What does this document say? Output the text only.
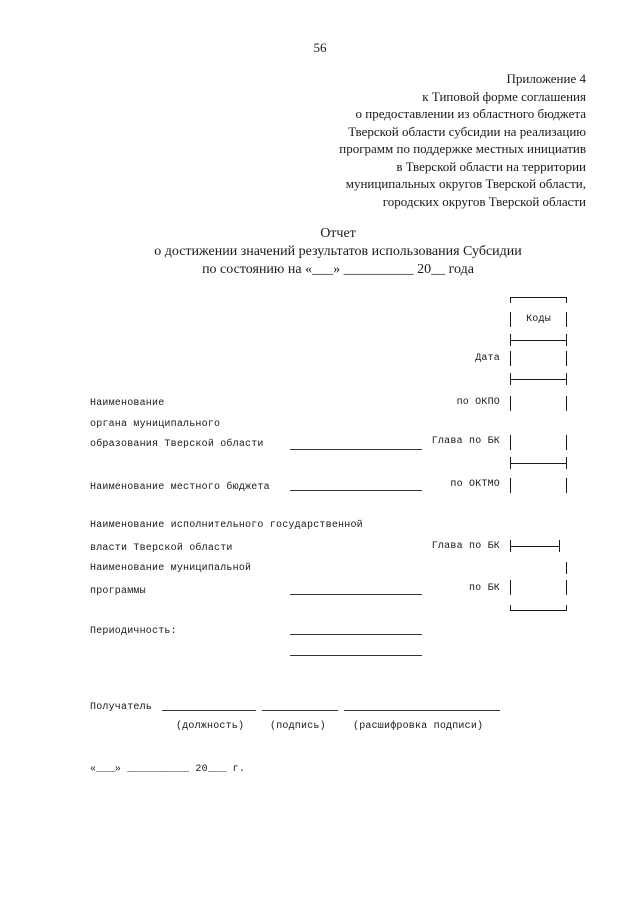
56
Приложение 4
к Типовой форме соглашения
о предоставлении из областного бюджета
Тверской области субсидии на реализацию
программ по поддержке местных инициатив
в Тверской области на территории
муниципальных округов Тверской области,
городских округов Тверской области
Отчет
о достижении значений результатов использования Субсидии
по состоянию на «___» __________ 20__ года
Коды
Дата
по ОКПО
Глава по БК
по ОКТМО
Глава по БК
по БК
Наименование
органа муниципального
образования Тверской области
Наименование местного бюджета
Наименование исполнительного государственной
власти Тверской области
Наименование муниципальной
программы
Периодичность:
Получатель
(должность)	(подпись)	(расшифровка подписи)
«___» __________ 20___ г.
